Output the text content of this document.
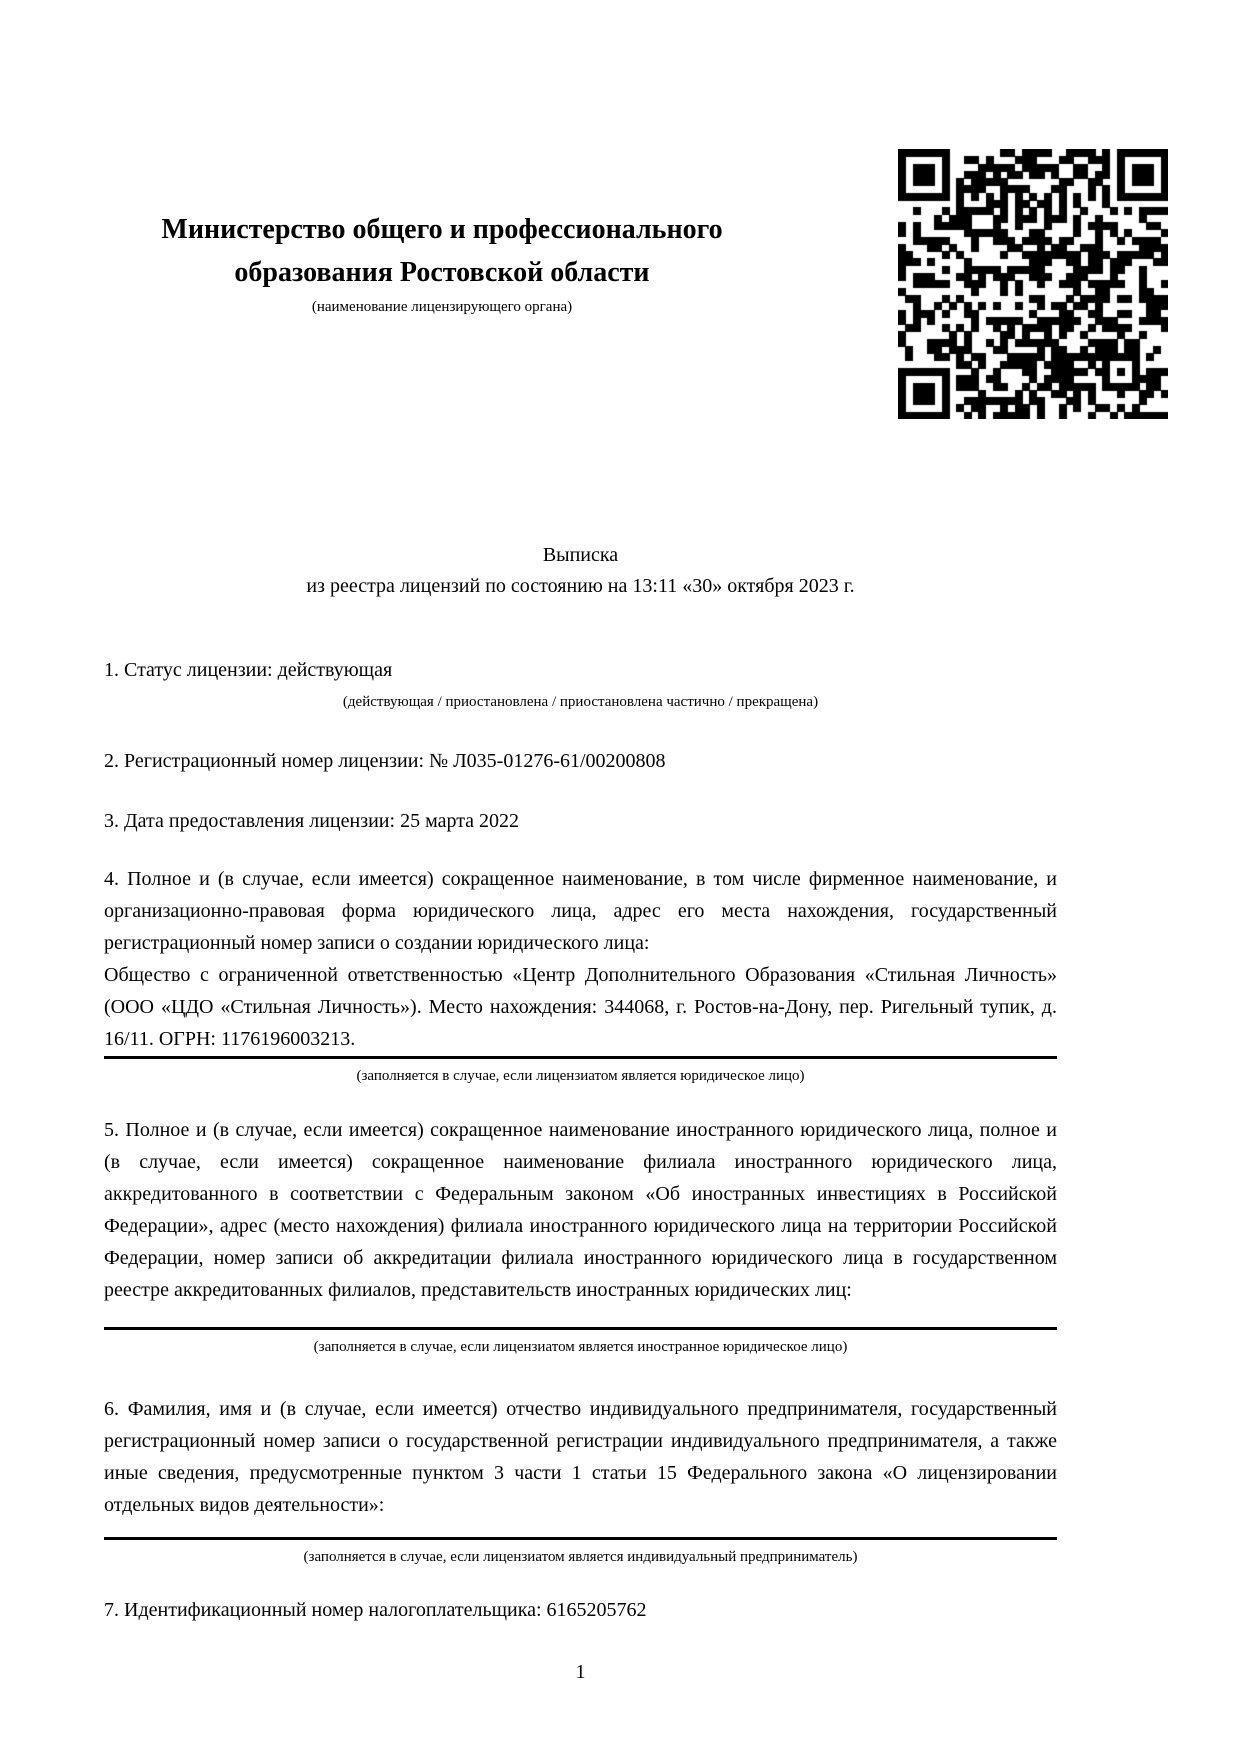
Министерство общего и профессионального
образования Ростовской области
(наименование лицензирующего органа)
Выписка
из реестра лицензий по состоянию на 13:11 «30» октября 2023 г.
1. Статус лицензии: действующая
(действующая / приостановлена / приостановлена частично / прекращена)
2. Регистрационный номер лицензии: № Л035-01276-61/00200808
3. Дата предоставления лицензии: 25 марта 2022
4. Полное и (в случае, если имеется) сокращенное наименование, в том числе фирменное наименование, и организационно-правовая форма юридического лица, адрес его места нахождения, государственный регистрационный номер записи о создании юридического лица:
Общество с ограниченной ответственностью «Центр Дополнительного Образования «Стильная Личность» (ООО «ЦДО «Стильная Личность»). Место нахождения: 344068, г. Ростов-на-Дону, пер. Ригельный тупик, д. 16/11. ОГРН: 1176196003213.
(заполняется в случае, если лицензиатом является юридическое лицо)
5. Полное и (в случае, если имеется) сокращенное наименование иностранного юридического лица, полное и (в случае, если имеется) сокращенное наименование филиала иностранного юридического лица, аккредитованного в соответствии с Федеральным законом «Об иностранных инвестициях в Российской Федерации», адрес (место нахождения) филиала иностранного юридического лица на территории Российской Федерации, номер записи об аккредитации филиала иностранного юридического лица в государственном реестре аккредитованных филиалов, представительств иностранных юридических лиц:
(заполняется в случае, если лицензиатом является иностранное юридическое лицо)
6. Фамилия, имя и (в случае, если имеется) отчество индивидуального предпринимателя, государственный регистрационный номер записи о государственной регистрации индивидуального предпринимателя, а также иные сведения, предусмотренные пунктом 3 части 1 статьи 15 Федерального закона «О лицензировании отдельных видов деятельности»:
(заполняется в случае, если лицензиатом является индивидуальный предприниматель)
7. Идентификационный номер налогоплательщика: 6165205762
1
